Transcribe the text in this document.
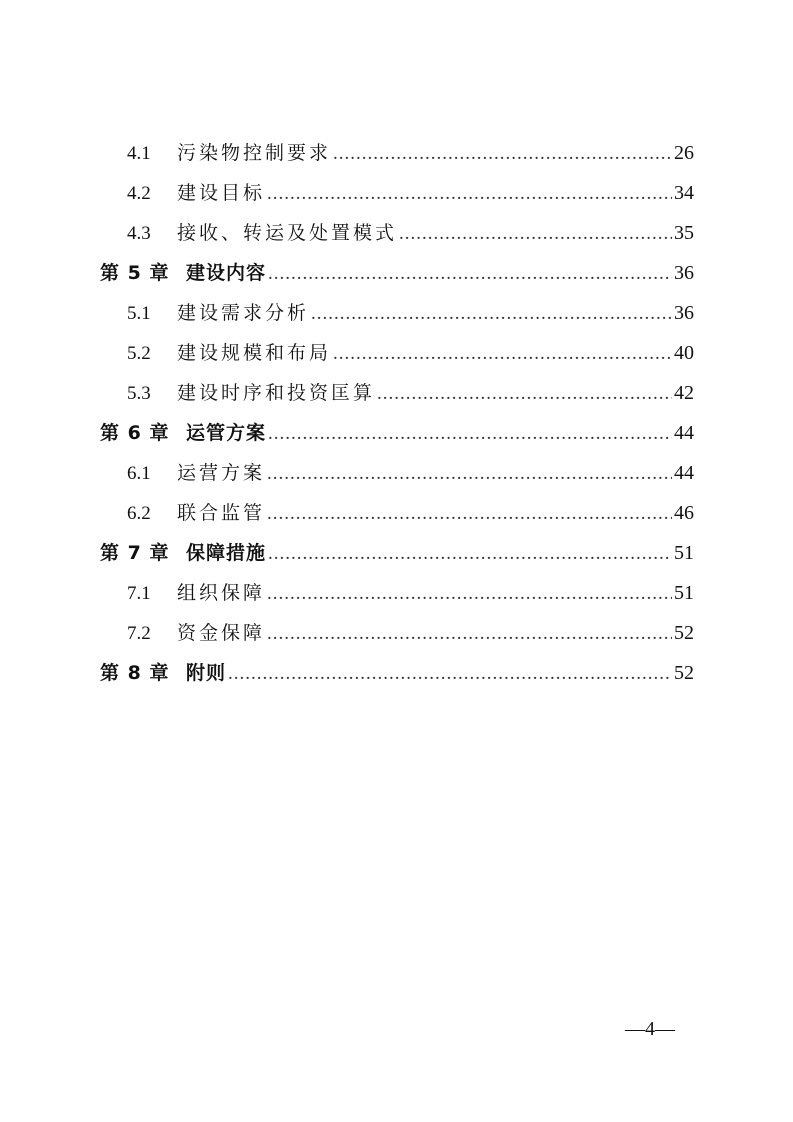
4.1	污染物控制要求 .....	26
4.2	建设目标 .....	34
4.3	接收、转运及处置模式 .....	35
第 5 章 建设内容 .....	36
5.1	建设需求分析 .....	36
5.2	建设规模和布局 .....	40
5.3	建设时序和投资匡算 .....	42
第 6 章 运管方案 .....	44
6.1	运营方案 .....	44
6.2	联合监管 .....	46
第 7 章 保障措施 .....	51
7.1	组织保障 .....	51
7.2	资金保障 .....	52
第 8 章 附则 .....	52
—4—
